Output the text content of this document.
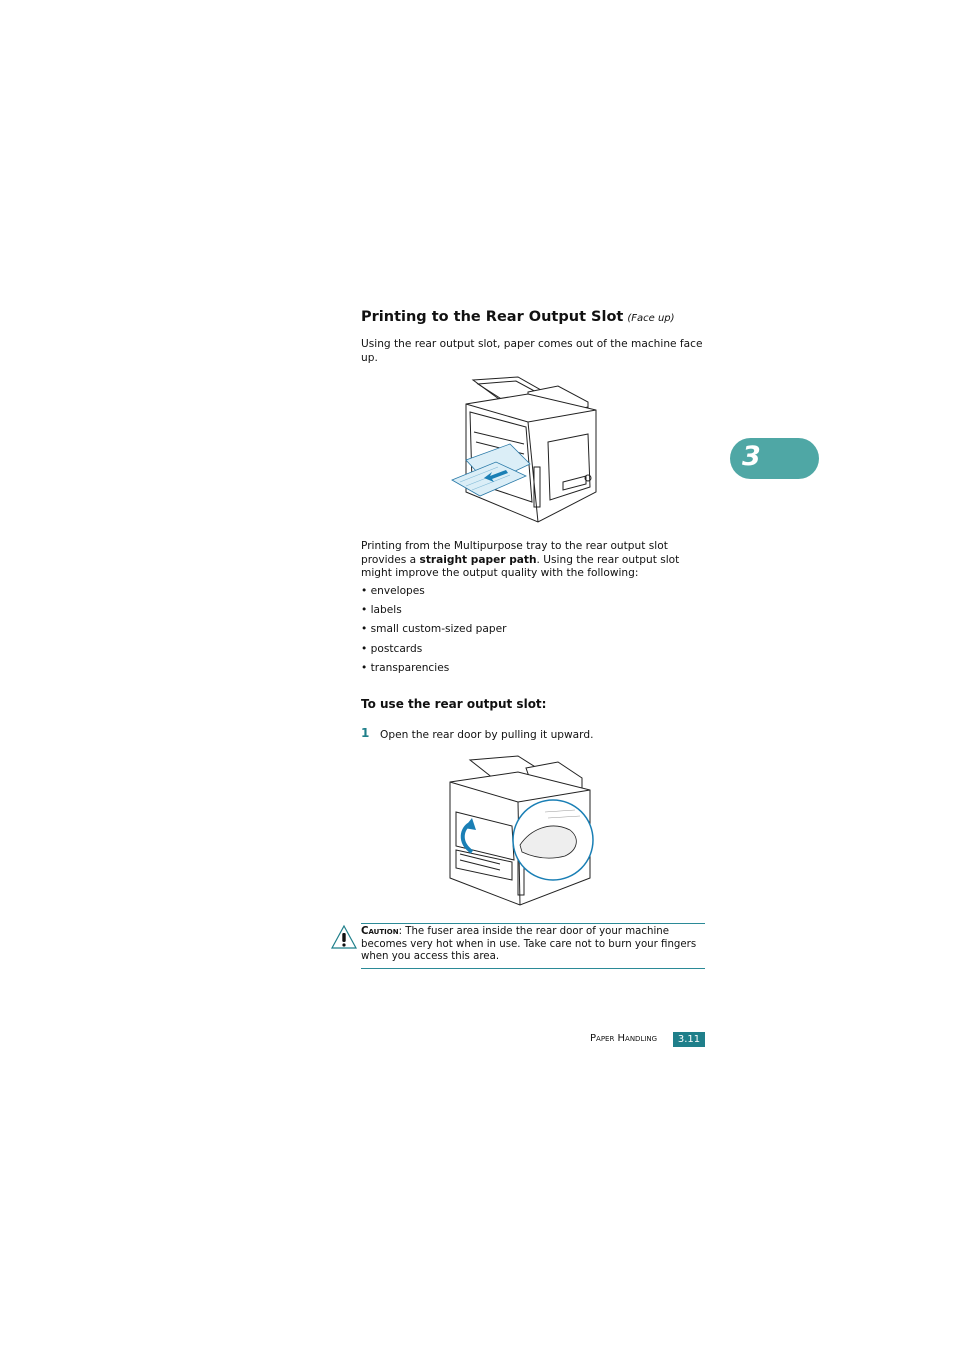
Printing to the Rear Output Slot (Face up)
Using the rear output slot, paper comes out of the machine face up.
Printing from the Multipurpose tray to the rear output slot provides a straight paper path. Using the rear output slot might improve the output quality with the following:
• envelopes
• labels
• small custom-sized paper
• postcards
• transparencies
To use the rear output slot:
1 Open the rear door by pulling it upward.
Caution: The fuser area inside the rear door of your machine becomes very hot when in use. Take care not to burn your fingers when you access this area.
3
Paper Handling	3.11
